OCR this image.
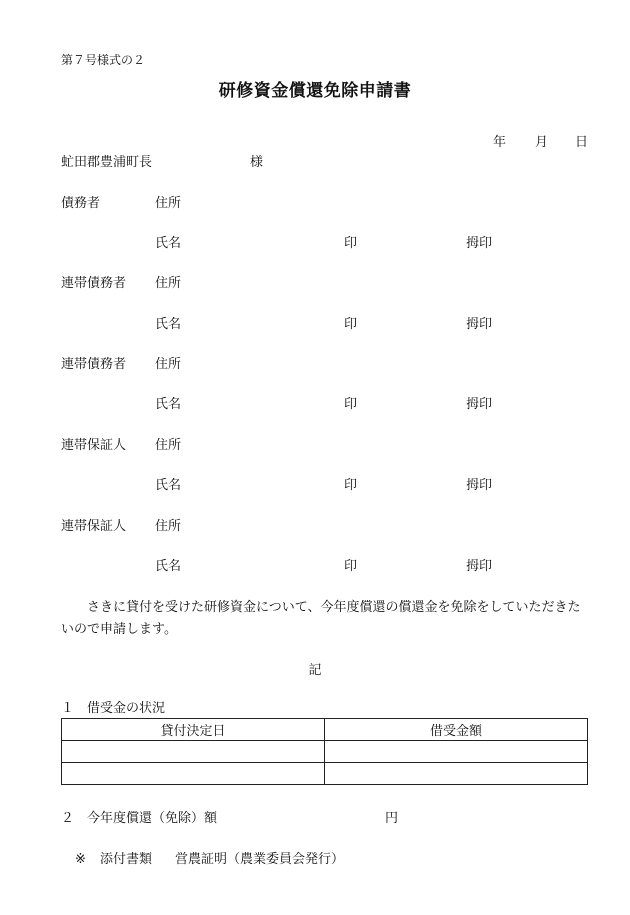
第７号様式の２
研修資金償還免除申請書
年 月 日
虻田郡豊浦町長	様
債務者	住所
氏名	印	拇印
連帯債務者 住所
氏名	印	拇印
連帯債務者 住所
氏名	印	拇印
連帯保証人 住所
氏名	印	拇印
連帯保証人 住所
氏名	印	拇印
さきに貸付を受けた研修資金について、今年度償還の償還金を免除をしていただきたいので申請します。
記
１　借受金の状況
貸付決定日	借受金額

２　今年度償還（免除）額	円
※ 添付書類 営農証明（農業委員会発行）
